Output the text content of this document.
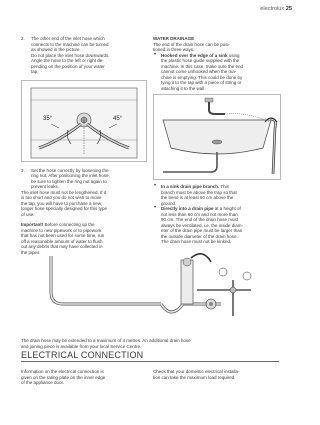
electrolux 25
2. The other end of the inlet hose which

connects to the machine can be turned

as showed in the picture.

Do not place the inlet hose downwards.

Angle the hose to the left or right de-

pending on the position of your water

tap.

35°	45°
3. Set the hose correctly by loosening the

ring nut. After positioning the inlet hose,

be sure to tighten the ring nut again to

prevent leaks.

The inlet hose must not be lengthened. If it

is too short and you do not wish to move

the tap, you will have to purchase a new,

longer hose specially designed for this type

of use.

Important! Before connecting up the

machine to new pipework or to pipework

that has not been used for some time, run

off a reasonable amount of water to flush

out any debris that may have collected in

the pipes.

WATER DRAINAGE

The end of the drain hose can be posi-

tioned in three ways.

• Hooked over the edge of a sink using

the plastic hose guide supplied with the

machine. In this case, make sure the end

cannot come unhooked when the ma-

chine is emptying. This could be done by

tying it to the tap with a piece of string or

attaching it to the wall.

• In a sink drain pipe branch. This

branch must be above the trap so that

the bend is at least 60 cm above the

ground.

• Directly into a drain pipe at a height of

not less than 60 cm and not more than

90 cm. The end of the drain hose must

always be ventilated, i.e. the inside diam-

eter of the drain pipe must be larger than

the outside diameter of the drain hose.

The drain hose must not be kinked.

The drain hose may be extended to a maximum of 4 metres. An additional drain hose

and joining piece is available from your local Service Centre.

ELECTRICAL CONNECTION

Information on the electrical connection is

given on the rating plate on the inner edge

of the appliance door.

Check that your domestic electrical installa-

tion can take the maximum load required,
